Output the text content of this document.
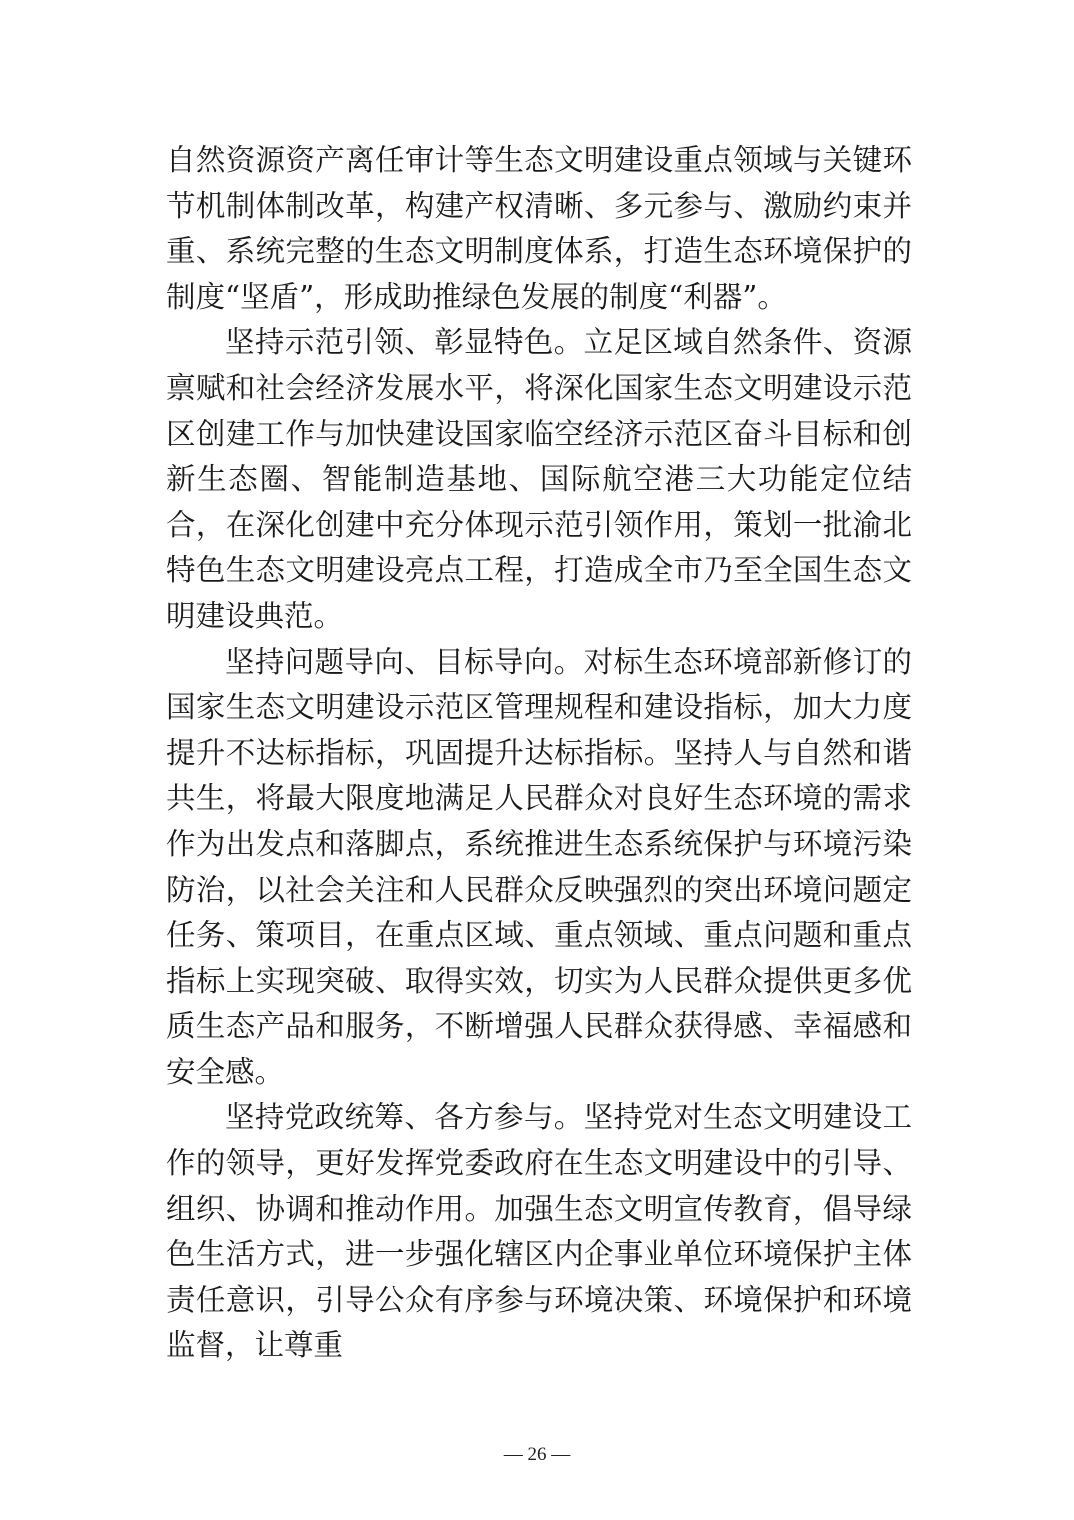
自然资源资产离任审计等生态文明建设重点领域与关键环节机制体制改革，构建产权清晰、多元参与、激励约束并重、系统完整的生态文明制度体系，打造生态环境保护的制度“坚盾”，形成助推绿色发展的制度“利器”。

坚持示范引领、彰显特色。立足区域自然条件、资源禀赋和社会经济发展水平，将深化国家生态文明建设示范区创建工作与加快建设国家临空经济示范区奋斗目标和创新生态圈、智能制造基地、国际航空港三大功能定位结合，在深化创建中充分体现示范引领作用，策划一批渝北特色生态文明建设亮点工程，打造成全市乃至全国生态文明建设典范。

坚持问题导向、目标导向。对标生态环境部新修订的国家生态文明建设示范区管理规程和建设指标，加大力度提升不达标指标，巩固提升达标指标。坚持人与自然和谐共生，将最大限度地满足人民群众对良好生态环境的需求作为出发点和落脚点，系统推进生态系统保护与环境污染防治，以社会关注和人民群众反映强烈的突出环境问题定任务、策项目，在重点区域、重点领域、重点问题和重点指标上实现突破、取得实效，切实为人民群众提供更多优质生态产品和服务，不断增强人民群众获得感、幸福感和安全感。

坚持党政统筹、各方参与。坚持党对生态文明建设工作的领导，更好发挥党委政府在生态文明建设中的引导、组织、协调和推动作用。加强生态文明宣传教育，倡导绿色生活方式，进一步强化辖区内企事业单位环境保护主体责任意识，引导公众有序参与环境决策、环境保护和环境监督，让尊重

— 26 —
